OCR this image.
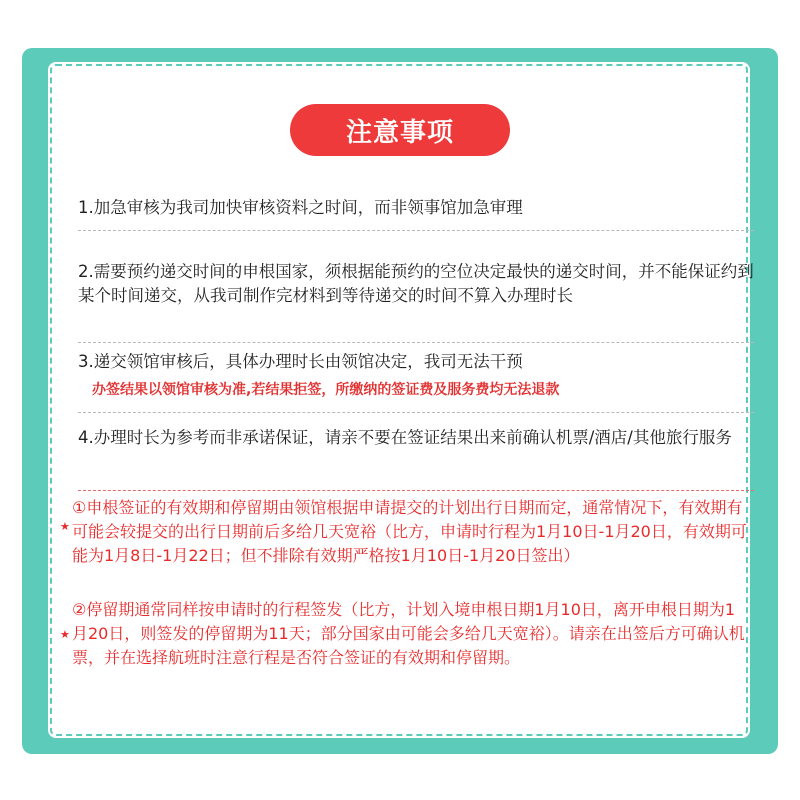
注意事项
1.加急审核为我司加快审核资料之时间，而非领事馆加急审理
2.需要预约递交时间的申根国家，须根据能预约的空位决定最快的递交时间，并不能保证约到某个时间递交，从我司制作完材料到等待递交的时间不算入办理时长
3.递交领馆审核后，具体办理时长由领馆决定，我司无法干预
办签结果以领馆审核为准,若结果拒签，所缴纳的签证费及服务费均无法退款
4.办理时长为参考而非承诺保证，请亲不要在签证结果出来前确认机票/酒店/其他旅行服务
★
①申根签证的有效期和停留期由领馆根据申请提交的计划出行日期而定，通常情况下，有效期有可能会较提交的出行日期前后多给几天宽裕（比方，申请时行程为1月10日-1月20日，有效期可能为1月8日-1月22日；但不排除有效期严格按1月10日-1月20日签出）
★
②停留期通常同样按申请时的行程签发（比方，计划入境申根日期1月10日，离开申根日期为1月20日，则签发的停留期为11天；部分国家由可能会多给几天宽裕）。请亲在出签后方可确认机票，并在选择航班时注意行程是否符合签证的有效期和停留期。
